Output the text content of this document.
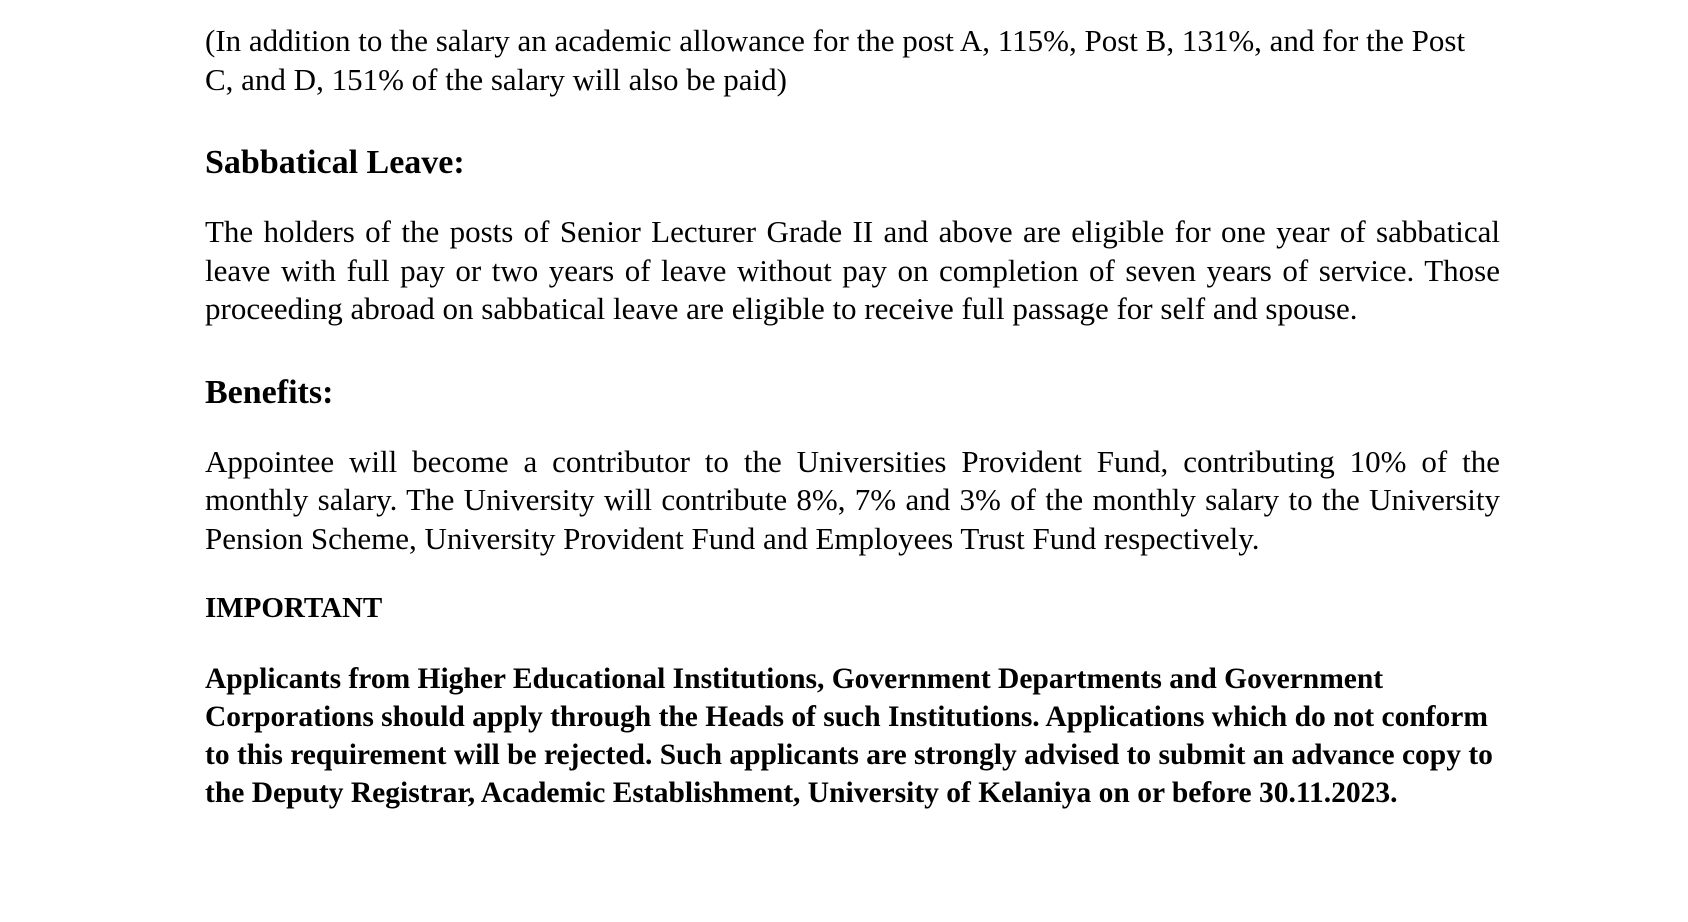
(In addition to the salary an academic allowance for the post A, 115%, Post B, 131%, and for the Post C, and D, 151% of the salary will also be paid)

Sabbatical Leave:

The holders of the posts of Senior Lecturer Grade II and above are eligible for one year of sabbatical leave with full pay or two years of leave without pay on completion of seven years of service. Those proceeding abroad on sabbatical leave are eligible to receive full passage for self and spouse.

Benefits:

Appointee will become a contributor to the Universities Provident Fund, contributing 10% of the monthly salary. The University will contribute 8%, 7% and 3% of the monthly salary to the University Pension Scheme, University Provident Fund and Employees Trust Fund respectively.

IMPORTANT

Applicants from Higher Educational Institutions, Government Departments and Government Corporations should apply through the Heads of such Institutions. Applications which do not conform to this requirement will be rejected. Such applicants are strongly advised to submit an advance copy to the Deputy Registrar, Academic Establishment, University of Kelaniya on or before 30.11.2023.
